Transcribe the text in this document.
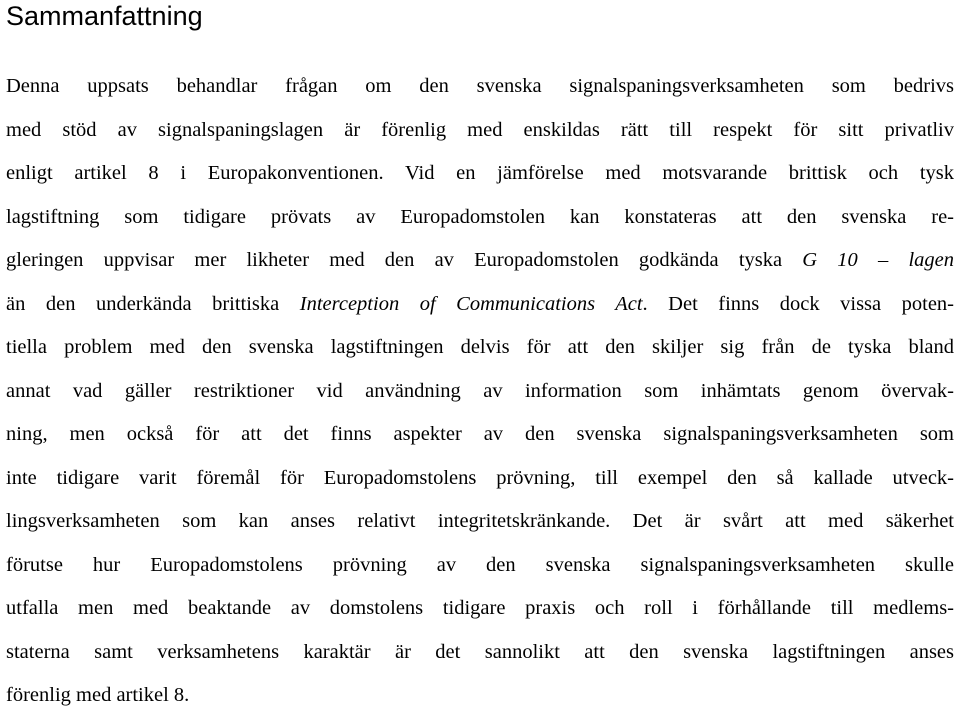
Sammanfattning
Denna uppsats behandlar frågan om den svenska signalspaningsverksamheten som bedrivs
med stöd av signalspaningslagen är förenlig med enskildas rätt till respekt för sitt privatliv
enligt artikel 8 i Europakonventionen. Vid en jämförelse med motsvarande brittisk och tysk
lagstiftning som tidigare prövats av Europadomstolen kan konstateras att den svenska re-
gleringen uppvisar mer likheter med den av Europadomstolen godkända tyska G 10 – lagen
än den underkända brittiska Interception of Communications Act. Det finns dock vissa poten-
tiella problem med den svenska lagstiftningen delvis för att den skiljer sig från de tyska bland
annat vad gäller restriktioner vid användning av information som inhämtats genom övervak-
ning, men också för att det finns aspekter av den svenska signalspaningsverksamheten som
inte tidigare varit föremål för Europadomstolens prövning, till exempel den så kallade utveck-
lingsverksamheten som kan anses relativt integritetskränkande. Det är svårt att med säkerhet
förutse hur Europadomstolens prövning av den svenska signalspaningsverksamheten skulle
utfalla men med beaktande av domstolens tidigare praxis och roll i förhållande till medlems-
staterna samt verksamhetens karaktär är det sannolikt att den svenska lagstiftningen anses
förenlig med artikel 8.
